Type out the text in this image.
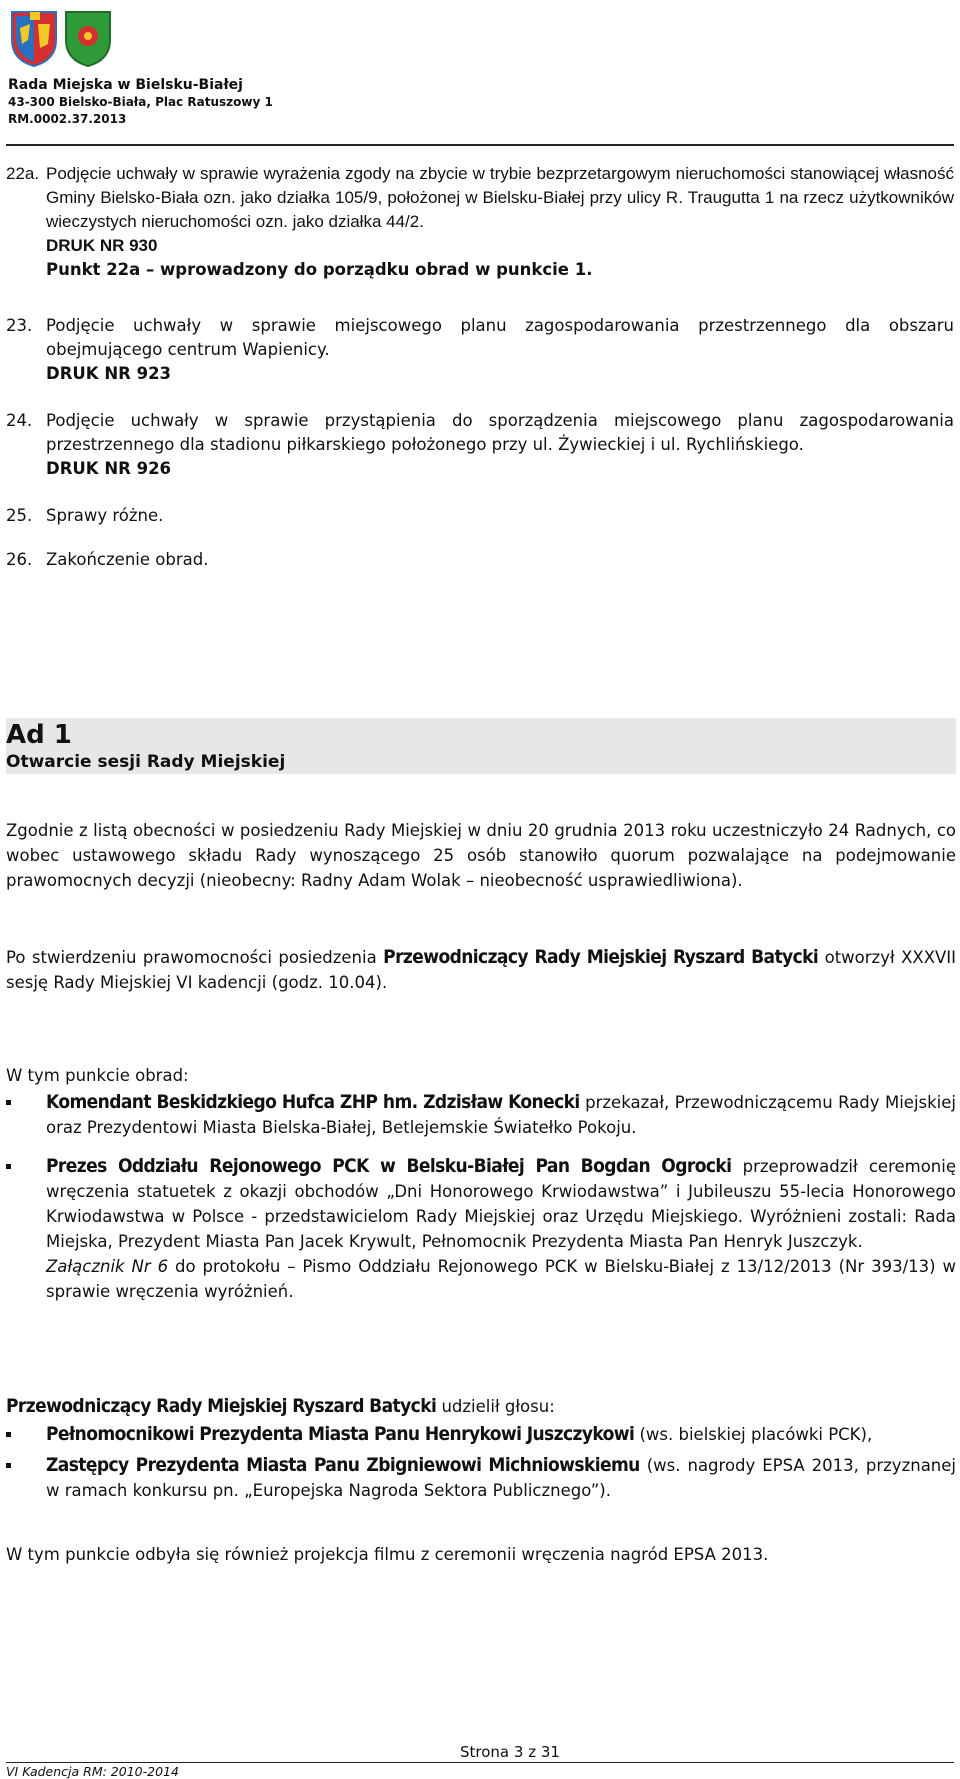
Rada Miejska w Bielsku-Białej
43-300 Bielsko-Biała, Plac Ratuszowy 1
RM.0002.37.2013
22a. Podjęcie uchwały w sprawie wyrażenia zgody na zbycie w trybie bezprzetargowym nieruchomości stanowiącej własność Gminy Bielsko-Biała ozn. jako działka 105/9, położonej w Bielsku-Białej przy ulicy R. Traugutta 1 na rzecz użytkowników wieczystych nieruchomości ozn. jako działka 44/2.
DRUK NR 930
Punkt 22a – wprowadzony do porządku obrad w punkcie 1.
23. Podjęcie uchwały w sprawie miejscowego planu zagospodarowania przestrzennego dla obszaru obejmującego centrum Wapienicy.
DRUK NR 923
24. Podjęcie uchwały w sprawie przystąpienia do sporządzenia miejscowego planu zagospodarowania przestrzennego dla stadionu piłkarskiego położonego przy ul. Żywieckiej i ul. Rychlińskiego.
DRUK NR 926
25. Sprawy różne.
26. Zakończenie obrad.
Ad 1
Otwarcie sesji Rady Miejskiej
Zgodnie z listą obecności w posiedzeniu Rady Miejskiej w dniu 20 grudnia 2013 roku uczestniczyło 24 Radnych, co wobec ustawowego składu Rady wynoszącego 25 osób stanowiło quorum pozwalające na podejmowanie prawomocnych decyzji (nieobecny: Radny Adam Wolak – nieobecność usprawiedliwiona).
Po stwierdzeniu prawomocności posiedzenia Przewodniczący Rady Miejskiej Ryszard Batycki otworzył XXXVII sesję Rady Miejskiej VI kadencji (godz. 10.04).
W tym punkcie obrad:
Komendant Beskidzkiego Hufca ZHP hm. Zdzisław Konecki przekazał, Przewodniczącemu Rady Miejskiej oraz Prezydentowi Miasta Bielska-Białej, Betlejemskie Światełko Pokoju.
Prezes Oddziału Rejonowego PCK w Belsku-Białej Pan Bogdan Ogrocki przeprowadził ceremonię wręczenia statuetek z okazji obchodów „Dni Honorowego Krwiodawstwa” i Jubileuszu 55-lecia Honorowego Krwiodawstwa w Polsce - przedstawicielom Rady Miejskiej oraz Urzędu Miejskiego. Wyróżnieni zostali: Rada Miejska, Prezydent Miasta Pan Jacek Krywult, Pełnomocnik Prezydenta Miasta Pan Henryk Juszczyk.
Załącznik Nr 6 do protokołu – Pismo Oddziału Rejonowego PCK w Bielsku-Białej z 13/12/2013 (Nr 393/13) w sprawie wręczenia wyróżnień.
Przewodniczący Rady Miejskiej Ryszard Batycki udzielił głosu:
Pełnomocnikowi Prezydenta Miasta Panu Henrykowi Juszczykowi (ws. bielskiej placówki PCK),
Zastępcy Prezydenta Miasta Panu Zbigniewowi Michniowskiemu (ws. nagrody EPSA 2013, przyznanej w ramach konkursu pn. „Europejska Nagroda Sektora Publicznego”).
W tym punkcie odbyła się również projekcja filmu z ceremonii wręczenia nagród EPSA 2013.
Strona 3 z 31
VI Kadencja RM: 2010-2014
